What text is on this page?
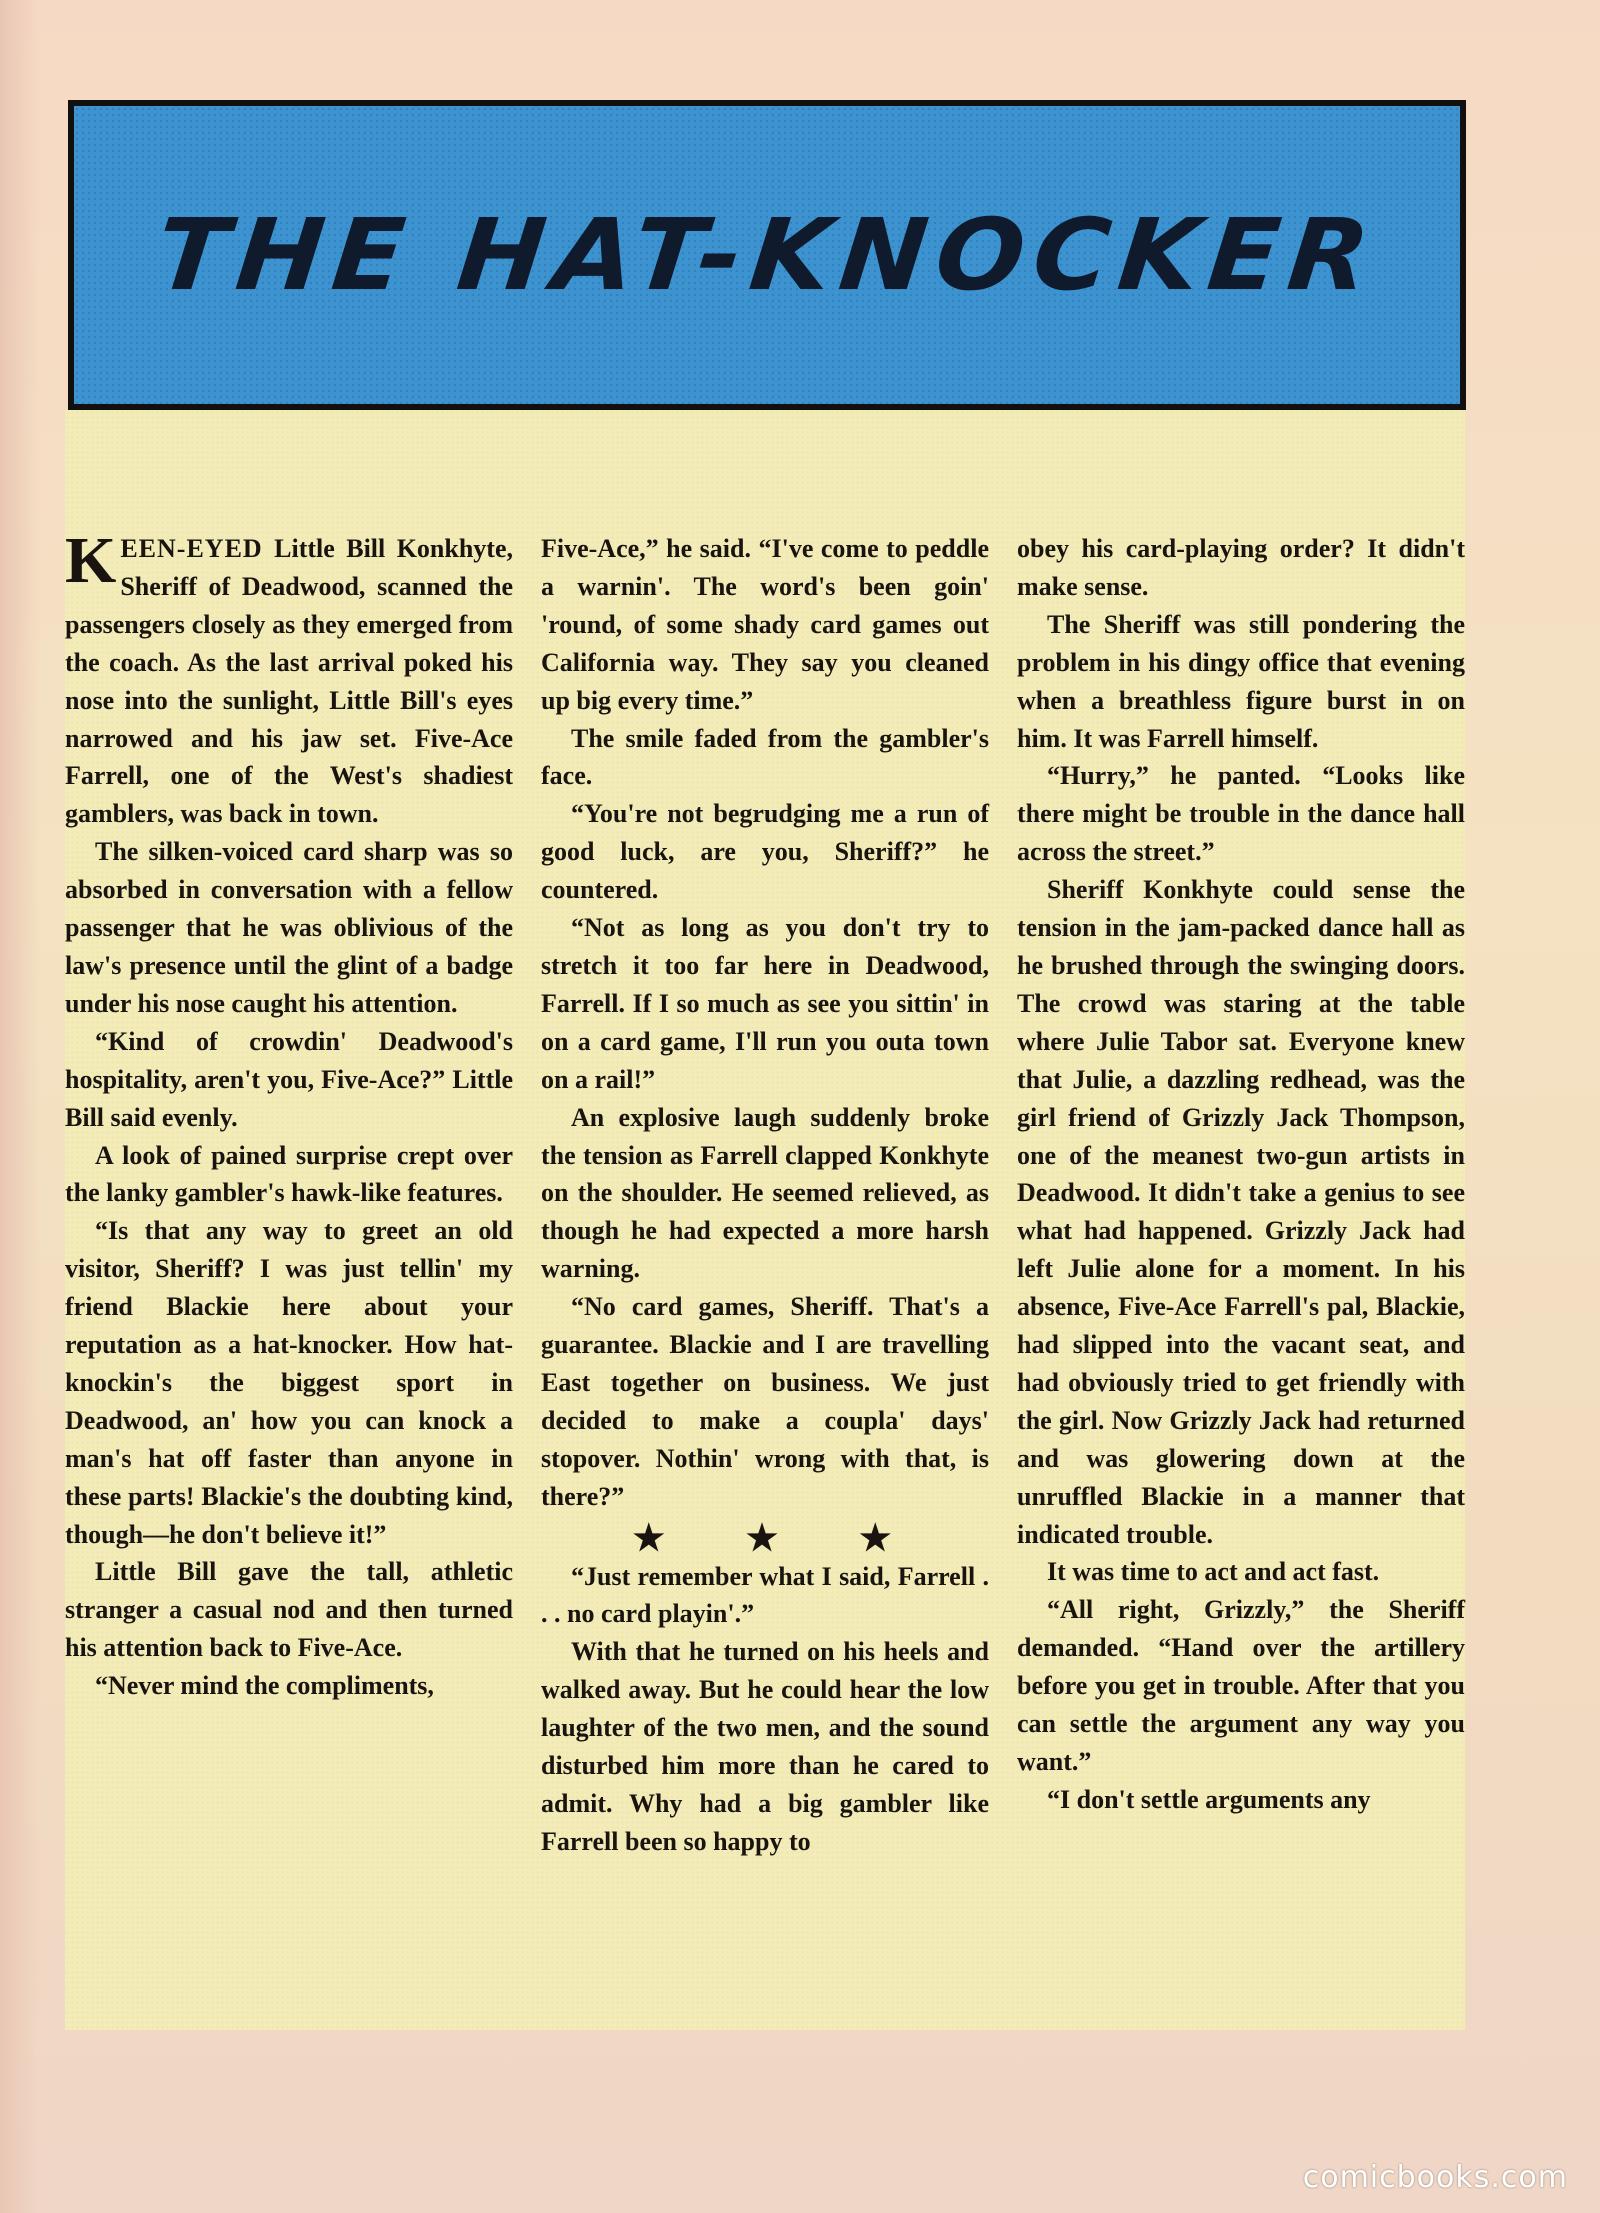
THE HAT-KNOCKER

KEEN-EYED Little Bill Konkhyte, Sheriff of Deadwood, scanned the passengers closely as they emerged from the coach. As the last arrival poked his nose into the sunlight, Little Bill's eyes narrowed and his jaw set. Five-Ace Farrell, one of the West's shadiest gamblers, was back in town.

The silken-voiced card sharp was so absorbed in conversation with a fellow passenger that he was oblivious of the law's presence until the glint of a badge under his nose caught his attention.

“Kind of crowdin' Deadwood's hospitality, aren't you, Five-Ace?” Little Bill said evenly.

A look of pained surprise crept over the lanky gambler's hawk-like features.

“Is that any way to greet an old visitor, Sheriff? I was just tellin' my friend Blackie here about your reputation as a hat-knocker. How hat-knockin's the biggest sport in Deadwood, an' how you can knock a man's hat off faster than anyone in these parts! Blackie's the doubting kind, though—he don't believe it!”

Little Bill gave the tall, athletic stranger a casual nod and then turned his attention back to Five-Ace.

“Never mind the compliments,

Five-Ace,” he said. “I've come to peddle a warnin'. The word's been goin' 'round, of some shady card games out California way. They say you cleaned up big every time.”

The smile faded from the gambler's face.

“You're not begrudging me a run of good luck, are you, Sheriff?” he countered.

“Not as long as you don't try to stretch it too far here in Deadwood, Farrell. If I so much as see you sittin' in on a card game, I'll run you outa town on a rail!”

An explosive laugh suddenly broke the tension as Farrell clapped Konkhyte on the shoulder. He seemed relieved, as though he had expected a more harsh warning.

“No card games, Sheriff. That's a guarantee. Blackie and I are travelling East together on business. We just decided to make a coupla' days' stopover. Nothin' wrong with that, is there?”

★ ★ ★

“Just remember what I said, Farrell . . . no card playin'.”

With that he turned on his heels and walked away. But he could hear the low laughter of the two men, and the sound disturbed him more than he cared to admit. Why had a big gambler like Farrell been so happy to

obey his card-playing order? It didn't make sense.

The Sheriff was still pondering the problem in his dingy office that evening when a breathless figure burst in on him. It was Farrell himself.

“Hurry,” he panted. “Looks like there might be trouble in the dance hall across the street.”

Sheriff Konkhyte could sense the tension in the jam-packed dance hall as he brushed through the swinging doors. The crowd was staring at the table where Julie Tabor sat. Everyone knew that Julie, a dazzling redhead, was the girl friend of Grizzly Jack Thompson, one of the meanest two-gun artists in Deadwood. It didn't take a genius to see what had happened. Grizzly Jack had left Julie alone for a moment. In his absence, Five-Ace Farrell's pal, Blackie, had slipped into the vacant seat, and had obviously tried to get friendly with the girl. Now Grizzly Jack had returned and was glowering down at the unruffled Blackie in a manner that indicated trouble.

It was time to act and act fast.

“All right, Grizzly,” the Sheriff demanded. “Hand over the artillery before you get in trouble. After that you can settle the argument any way you want.”

“I don't settle arguments any

comicbooks.com
